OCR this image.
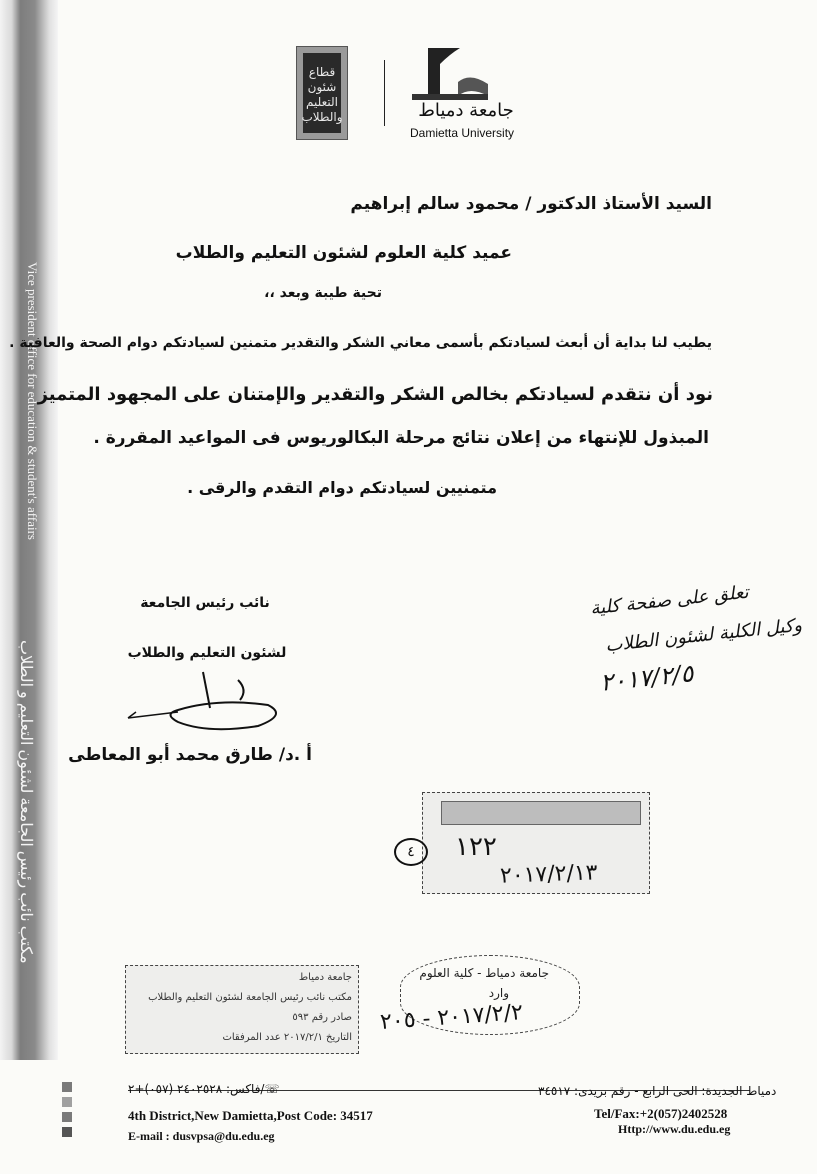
Vice president office for education & student's affairs
مكتب نائب رئيس الجامعة لشئون التعليم و الطلاب
قطاع شئون التعليم والطلاب	جامعة دمياط
Damietta University
السيد الأستاذ الدكتور / محمود سالم إبراهيم
عميد كلية العلوم لشئون التعليم والطلاب
تحية طيبة وبعد ،،
يطيب لنا بداية أن أبعث لسيادتكم بأسمى معاني الشكر والتقدير متمنين لسيادتكم دوام الصحة والعافية .
نود أن نتقدم لسيادتكم بخالص الشكر والتقدير والإمتنان على المجهود المتميز
المبذول للإنتهاء من إعلان نتائج مرحلة البكالوريوس فى المواعيد المقررة .
متمنيين لسيادتكم دوام التقدم والرقى .
نائب رئيس الجامعة
لشئون التعليم والطلاب
أ .د/ طارق محمد أبو المعاطى
تعلق على صفحة كلية
وكيل الكلية لشئون الطلاب
٢٠١٧/٢/٥
١٢٢
٤
٢٠١٧/٢/١٣
جامعة دمياط
مكتب نائب رئيس الجامعة لشئون التعليم والطلاب
صادر رقم ٥٩٣
التاريخ ٢٠١٧/٢/١ عدد المرفقات
جامعة دمياط - كلية العلوم
وارد
٢٠١٧/٢/٢ - ٢٠٥
☏/فاكس: ٢٤٠٢٥٢٨ (٠٥٧)+٢	دمياط الجديدة: الحى الرابع - رقم بريدى: ٣٤٥١٧
4th District,New Damietta,Post Code: 34517	Tel/Fax:+2(057)2402528
E-mail : dusvpsa@du.edu.eg	Http://www.du.edu.eg
